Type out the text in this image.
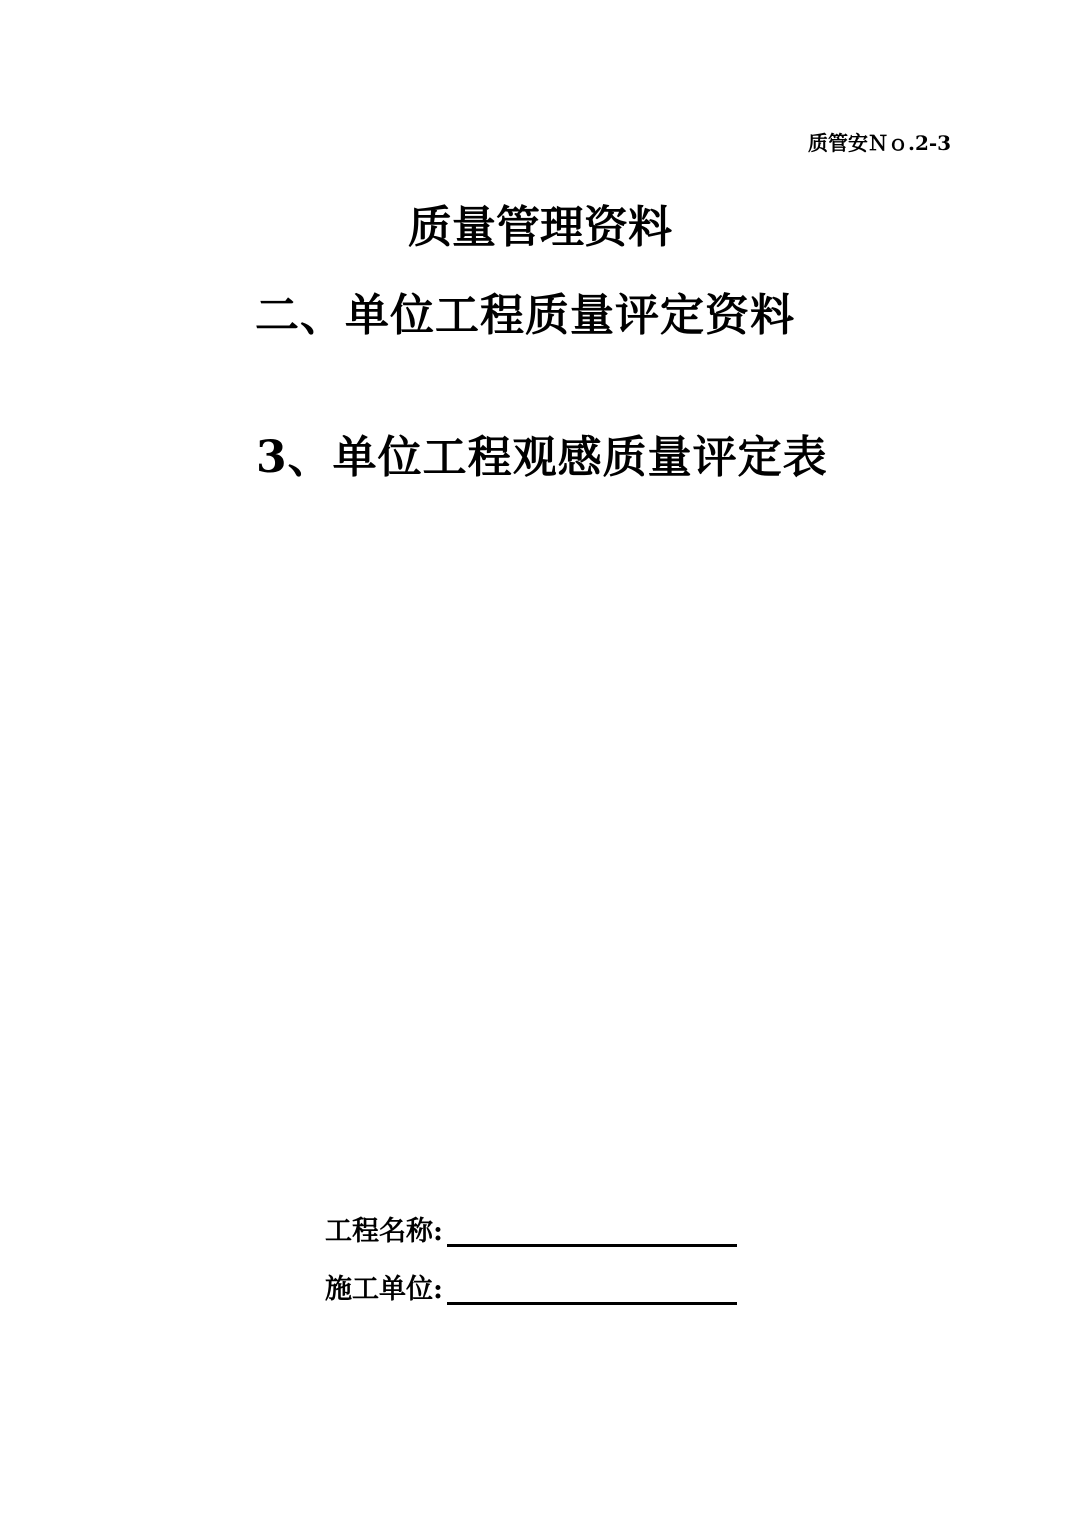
质管安Ｎｏ.2-3
质量管理资料
二、单位工程质量评定资料
3、单位工程观感质量评定表
工程名称:
施工单位:
